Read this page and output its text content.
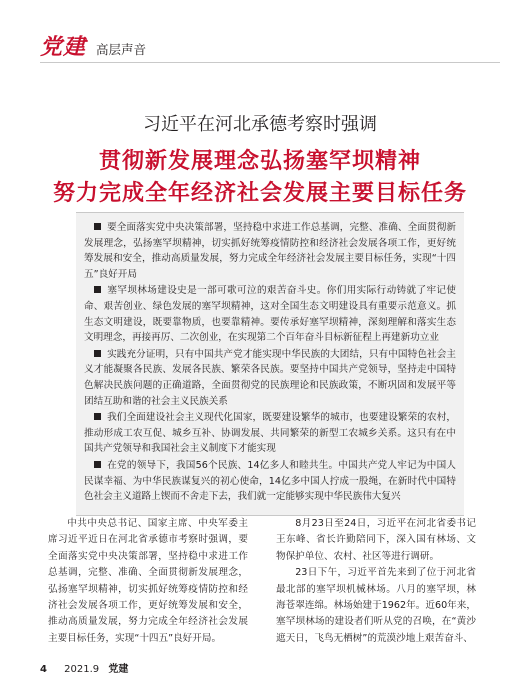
党建 高层声音
习近平在河北承德考察时强调
贯彻新发展理念弘扬塞罕坝精神
努力完成全年经济社会发展主要目标任务

要全面落实党中央决策部署，坚持稳中求进工作总基调，完整、准确、全面贯彻新发展理念，弘扬塞罕坝精神，切实抓好统筹疫情防控和经济社会发展各项工作，更好统筹发展和安全，推动高质量发展，努力完成全年经济社会发展主要目标任务，实现“十四五”良好开局

塞罕坝林场建设史是一部可歌可泣的艰苦奋斗史。你们用实际行动铸就了牢记使命、艰苦创业、绿色发展的塞罕坝精神，这对全国生态文明建设具有重要示范意义。抓生态文明建设，既要靠物质，也要靠精神。要传承好塞罕坝精神，深刻理解和落实生态文明理念，再接再厉、二次创业，在实现第二个百年奋斗目标新征程上再建新功立业

实践充分证明，只有中国共产党才能实现中华民族的大团结，只有中国特色社会主义才能凝聚各民族、发展各民族、繁荣各民族。要坚持中国共产党领导，坚持走中国特色解决民族问题的正确道路，全面贯彻党的民族理论和民族政策，不断巩固和发展平等团结互助和谐的社会主义民族关系

我们全面建设社会主义现代化国家，既要建设繁华的城市，也要建设繁荣的农村，推动形成工农互促、城乡互补、协调发展、共同繁荣的新型工农城乡关系。这只有在中国共产党领导和我国社会主义制度下才能实现

在党的领导下，我国56个民族、14亿多人和睦共生。中国共产党人牢记为中国人民谋幸福、为中华民族谋复兴的初心使命，14亿多中国人拧成一股绳，在新时代中国特色社会主义道路上锲而不舍走下去，我们就一定能够实现中华民族伟大复兴

中共中央总书记、国家主席、中央军委主席习近平近日在河北省承德市考察时强调，要全面落实党中央决策部署，坚持稳中求进工作总基调，完整、准确、全面贯彻新发展理念，弘扬塞罕坝精神，切实抓好统筹疫情防控和经济社会发展各项工作，更好统筹发展和安全，推动高质量发展，努力完成全年经济社会发展主要目标任务，实现“十四五”良好开局。

8月23日至24日，习近平在河北省委书记王东峰、省长许勤陪同下，深入国有林场、文物保护单位、农村、社区等进行调研。

23日下午，习近平首先来到了位于河北省最北部的塞罕坝机械林场。八月的塞罕坝，林海苍翠连绵。林场始建于1962年。近60年来，塞罕坝林场的建设者们听从党的召唤，在“黄沙遮天日，飞鸟无栖树”的荒漠沙地上艰苦奋斗、

4 2021.9 党建
